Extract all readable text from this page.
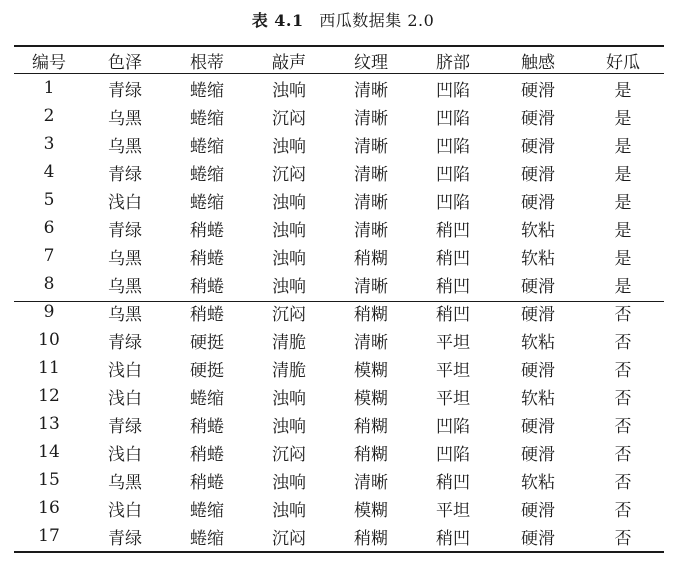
表 4.1 西瓜数据集 2.0
编号	色泽	根蒂	敲声	纹理	脐部	触感	好瓜
1	青绿	蜷缩	浊响	清晰	凹陷	硬滑	是
2	乌黑	蜷缩	沉闷	清晰	凹陷	硬滑	是
3	乌黑	蜷缩	浊响	清晰	凹陷	硬滑	是
4	青绿	蜷缩	沉闷	清晰	凹陷	硬滑	是
5	浅白	蜷缩	浊响	清晰	凹陷	硬滑	是
6	青绿	稍蜷	浊响	清晰	稍凹	软粘	是
7	乌黑	稍蜷	浊响	稍糊	稍凹	软粘	是
8	乌黑	稍蜷	浊响	清晰	稍凹	硬滑	是
9	乌黑	稍蜷	沉闷	稍糊	稍凹	硬滑	否
10	青绿	硬挺	清脆	清晰	平坦	软粘	否
11	浅白	硬挺	清脆	模糊	平坦	硬滑	否
12	浅白	蜷缩	浊响	模糊	平坦	软粘	否
13	青绿	稍蜷	浊响	稍糊	凹陷	硬滑	否
14	浅白	稍蜷	沉闷	稍糊	凹陷	硬滑	否
15	乌黑	稍蜷	浊响	清晰	稍凹	软粘	否
16	浅白	蜷缩	浊响	模糊	平坦	硬滑	否
17	青绿	蜷缩	沉闷	稍糊	稍凹	硬滑	否
